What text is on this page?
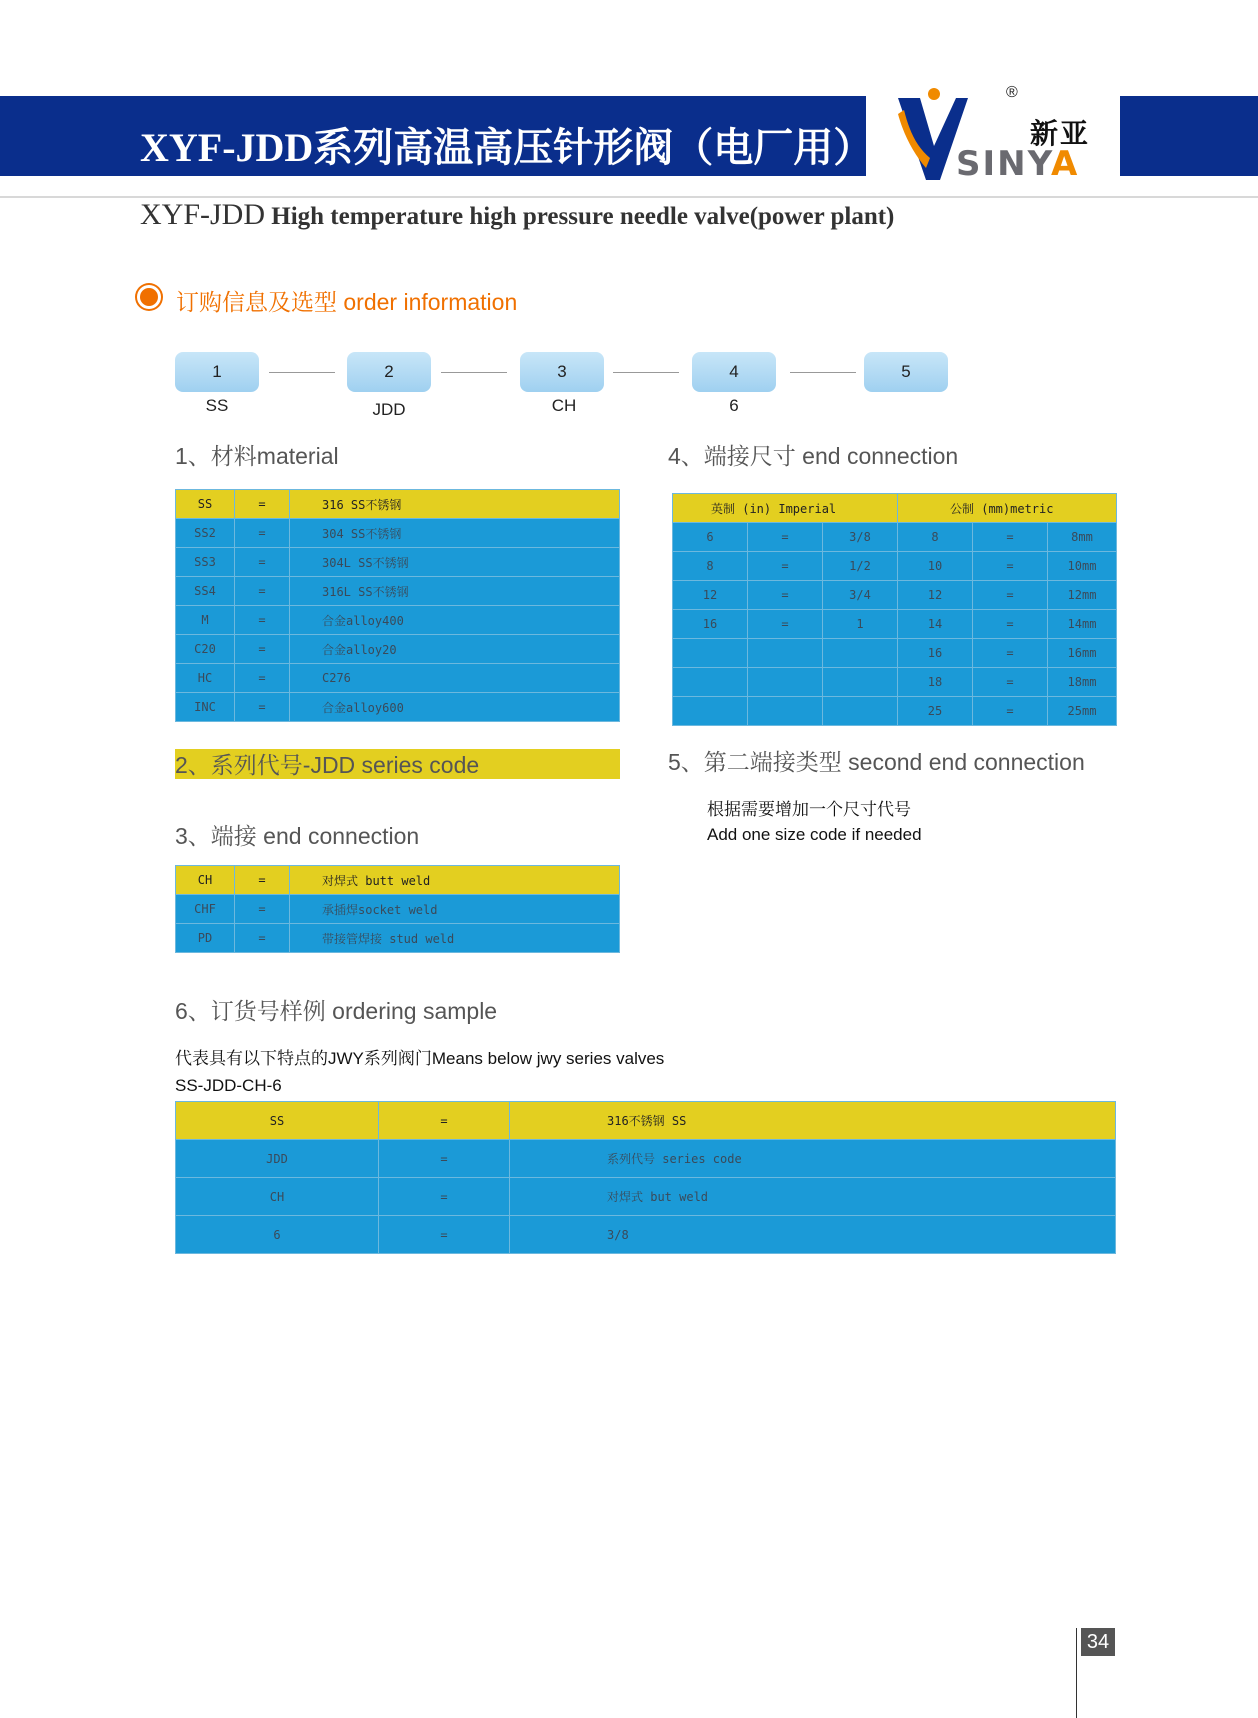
XYF-JDD系列高温高压针形阀（电厂用）
®
新亚
SINYA
XYF-JDD High temperature high pressure needle valve(power plant)
订购信息及选型 order information
1	2	3	4	5
SS	JDD	CH	6
1、材料material
SS	=	316 SS不锈钢
SS2	=	304 SS不锈钢
SS3	=	304L SS不锈钢
SS4	=	316L SS不锈钢
M	=	合金alloy400
C20	=	合金alloy20
HC	=	C276
INC	=	合金alloy600
2、系列代号-JDD series code
3、端接 end connection
CH	=	对焊式 butt weld
CHF	=	承插焊socket weld
PD	=	带接管焊接 stud weld
4、端接尺寸 end connection
英制 (in) Imperial			公制 (mm)metric		
6	=	3/8	8	=	8mm
8	=	1/2	10	=	10mm
12	=	3/4	12	=	12mm
16	=	1	14	=	14mm
			16	=	16mm
			18	=	18mm
			25	=	25mm
5、第二端接类型 second end connection
根据需要增加一个尺寸代号
Add one size code if needed
6、订货号样例 ordering sample
代表具有以下特点的JWY系列阀门Means below jwy series valves
SS-JDD-CH-6
SS	=	316不锈钢 SS
JDD	=	系列代号 series code
CH	=	对焊式 but weld
6	=	3/8
34
